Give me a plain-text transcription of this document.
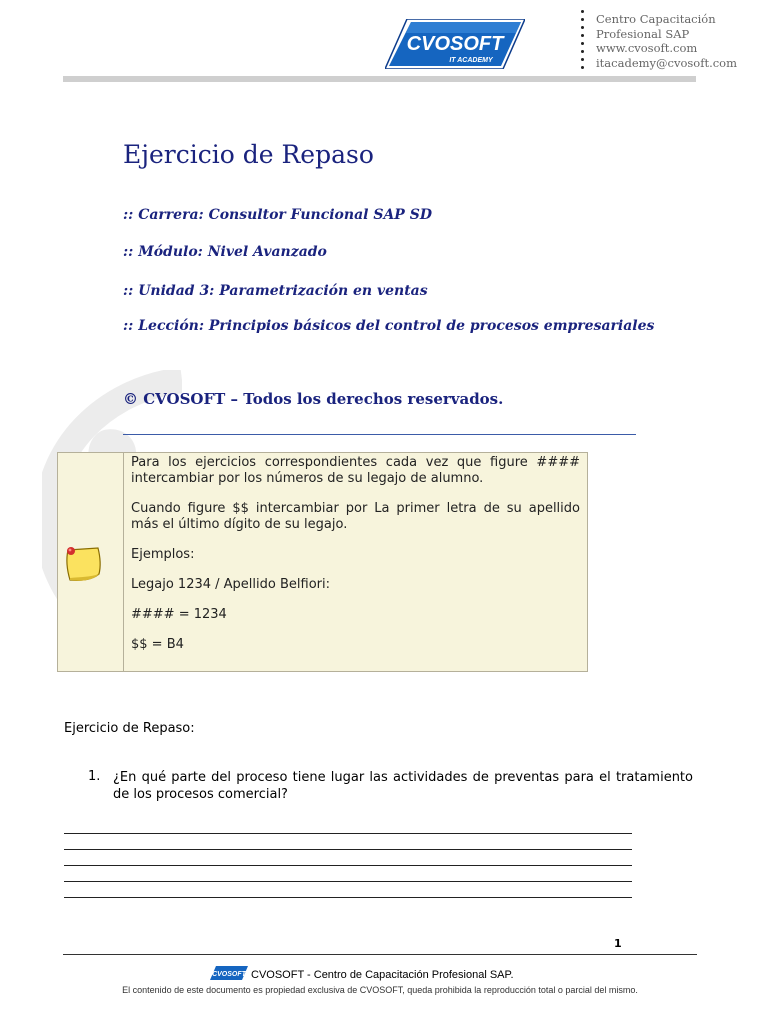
CVOSOFT
IT ACADEMY
Centro Capacitación
Profesional SAP
www.cvosoft.com
itacademy@cvosoft.com
Ejercicio de Repaso
:: Carrera: Consultor Funcional SAP SD
:: Módulo: Nivel Avanzado
:: Unidad 3: Parametrización en ventas
:: Lección: Principios básicos del control de procesos empresariales
© CVOSOFT – Todos los derechos reservados.

Para los ejercicios correspondientes cada vez que figure #### intercambiar por los números de su legajo de alumno.

Cuando figure $$ intercambiar por La primer letra de su apellido más el último dígito de su legajo.

Ejemplos:

Legajo 1234 / Apellido Belfiori:

#### = 1234

$$ = B4

Ejercicio de Repaso:
1. ¿En qué parte del proceso tiene lugar las actividades de preventas para el tratamiento de los procesos comercial?
1
CVOSOFT CVOSOFT - Centro de Capacitación Profesional SAP.
El contenido de este documento es propiedad exclusiva de CVOSOFT, queda prohibida la reproducción total o parcial del mismo.
